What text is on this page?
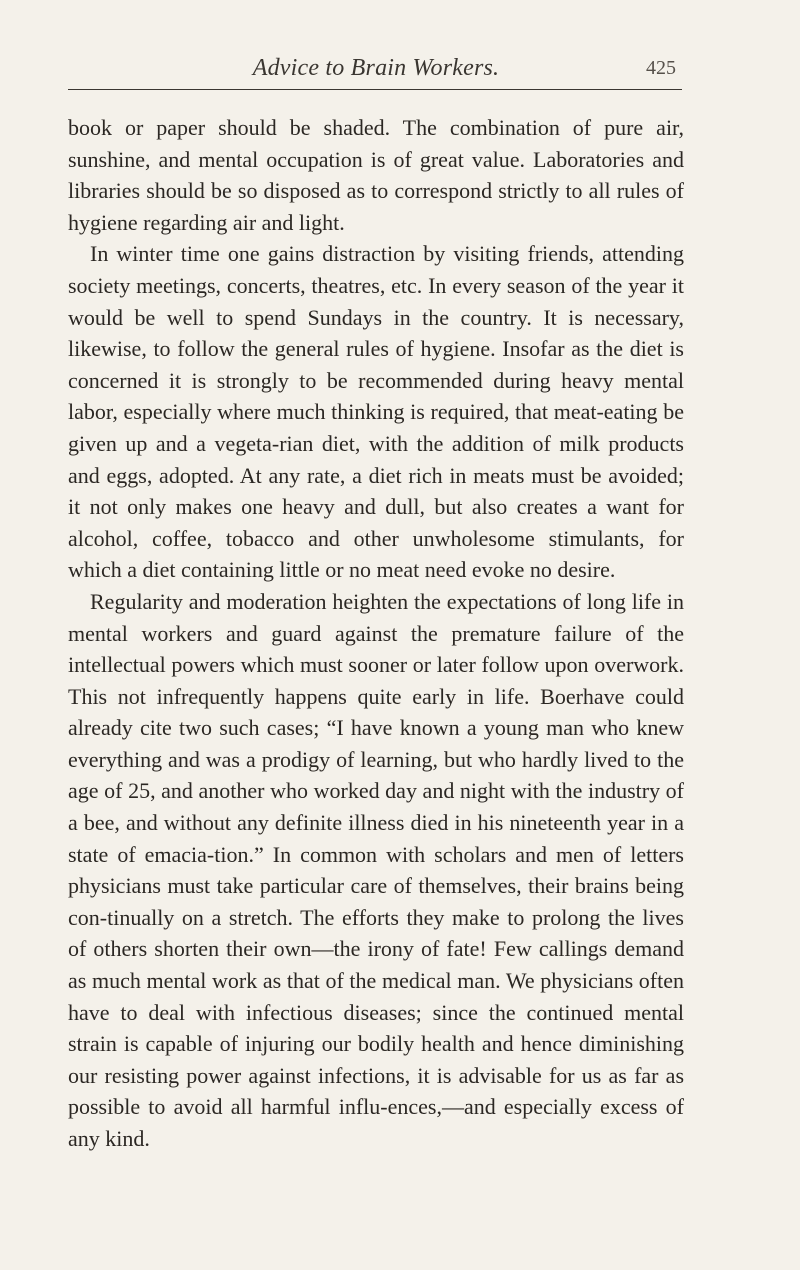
Advice to Brain Workers.	425

book or paper should be shaded. The combination of pure air, sunshine, and mental occupation is of great value. Laboratories and libraries should be so disposed as to correspond strictly to all rules of hygiene regarding air and light.

In winter time one gains distraction by visiting friends, attending society meetings, concerts, theatres, etc. In every season of the year it would be well to spend Sundays in the country. It is necessary, likewise, to follow the general rules of hygiene. Insofar as the diet is concerned it is strongly to be recommended during heavy mental labor, especially where much thinking is required, that meat-eating be given up and a vegeta-rian diet, with the addition of milk products and eggs, adopted. At any rate, a diet rich in meats must be avoided; it not only makes one heavy and dull, but also creates a want for alcohol, coffee, tobacco and other unwholesome stimulants, for which a diet containing little or no meat need evoke no desire.

Regularity and moderation heighten the expectations of long life in mental workers and guard against the premature failure of the intellectual powers which must sooner or later follow upon overwork. This not infrequently happens quite early in life. Boerhave could already cite two such cases; “I have known a young man who knew everything and was a prodigy of learning, but who hardly lived to the age of 25, and another who worked day and night with the industry of a bee, and without any definite illness died in his nineteenth year in a state of emacia-tion.” In common with scholars and men of letters physicians must take particular care of themselves, their brains being con-tinually on a stretch. The efforts they make to prolong the lives of others shorten their own—the irony of fate! Few callings demand as much mental work as that of the medical man. We physicians often have to deal with infectious diseases; since the continued mental strain is capable of injuring our bodily health and hence diminishing our resisting power against infections, it is advisable for us as far as possible to avoid all harmful influ-ences,—and especially excess of any kind.
